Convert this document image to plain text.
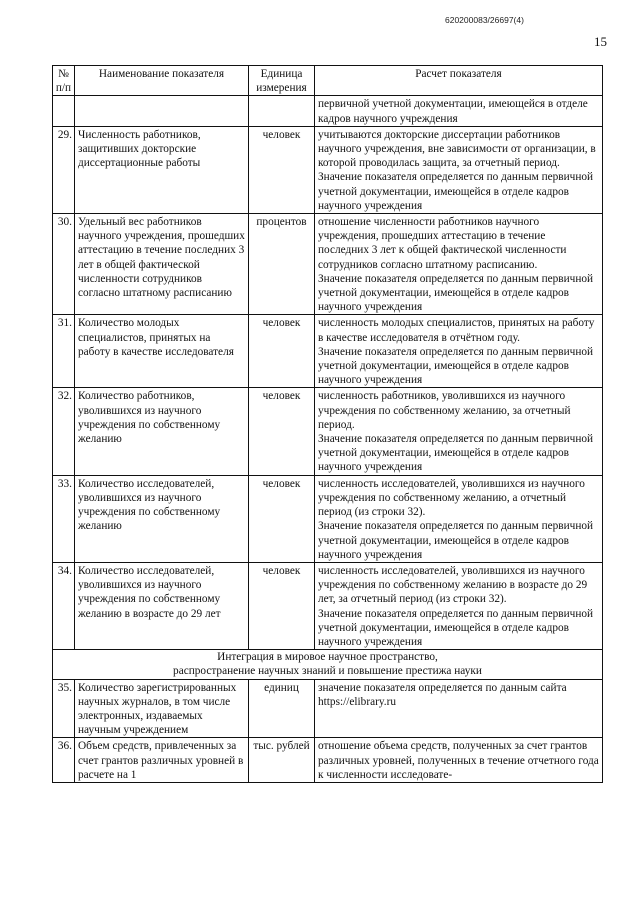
620200083/26697(4)
15
№ п/п	Наименование показателя	Единица измерения	Расчет показателя
			первичной учетной документации, имеющейся в отделе кадров научного учреждения
29.	Численность работников, защитивших докторские диссертационные работы	человек	учитываются докторские диссертации работников научного учреждения, вне зависимости от организации, в которой проводилась защита, за отчетный период.

Значение показателя определяется по данным первичной учетной документации, имеющейся в отделе кадров научного учреждения

30.	Удельный вес работников научного учреждения, прошедших аттестацию в течение последних 3 лет в общей фактической численности сотрудников согласно штатному расписанию	процентов	отношение численности работников научного учреждения, прошедших аттестацию в течение последних 3 лет к общей фактической численности сотрудников согласно штатному расписанию.

Значение показателя определяется по данным первичной учетной документации, имеющейся в отделе кадров научного учреждения

31.	Количество молодых специалистов, принятых на работу в качестве исследователя	человек	численность молодых специалистов, принятых на работу в качестве исследователя в отчётном году.

Значение показателя определяется по данным первичной учетной документации, имеющейся в отделе кадров научного учреждения

32.	Количество работников, уволившихся из научного учреждения по собственному желанию	человек	численность работников, уволившихся из научного учреждения по собственному желанию, за отчетный период.

Значение показателя определяется по данным первичной учетной документации, имеющейся в отделе кадров научного учреждения

33.	Количество исследователей, уволившихся из научного учреждения по собственному желанию	человек	численность исследователей, уволившихся из научного учреждения по собственному желанию, а отчетный период (из строки 32).

Значение показателя определяется по данным первичной учетной документации, имеющейся в отделе кадров научного учреждения

34.	Количество исследователей, уволившихся из научного учреждения по собственному желанию в возрасте до 29 лет	человек	численность исследователей, уволившихся из научного учреждения по собственному желанию в возрасте до 29 лет, за отчетный период (из строки 32).

Значение показателя определяется по данным первичной учетной документации, имеющейся в отделе кадров научного учреждения

Интеграция в мировое научное пространство,

распространение научных знаний и повышение престижа науки			

35.	Количество зарегистрированных научных журналов, в том числе электронных, издаваемых научным учреждением	единиц	значение показателя определяется по данным сайта https://elibrary.ru
36.	Объем средств, привлеченных за счет грантов различных уровней в расчете на 1	тыс. рублей	отношение объема средств, полученных за счет грантов различных уровней, полученных в течение отчетного года к численности исследовате-
